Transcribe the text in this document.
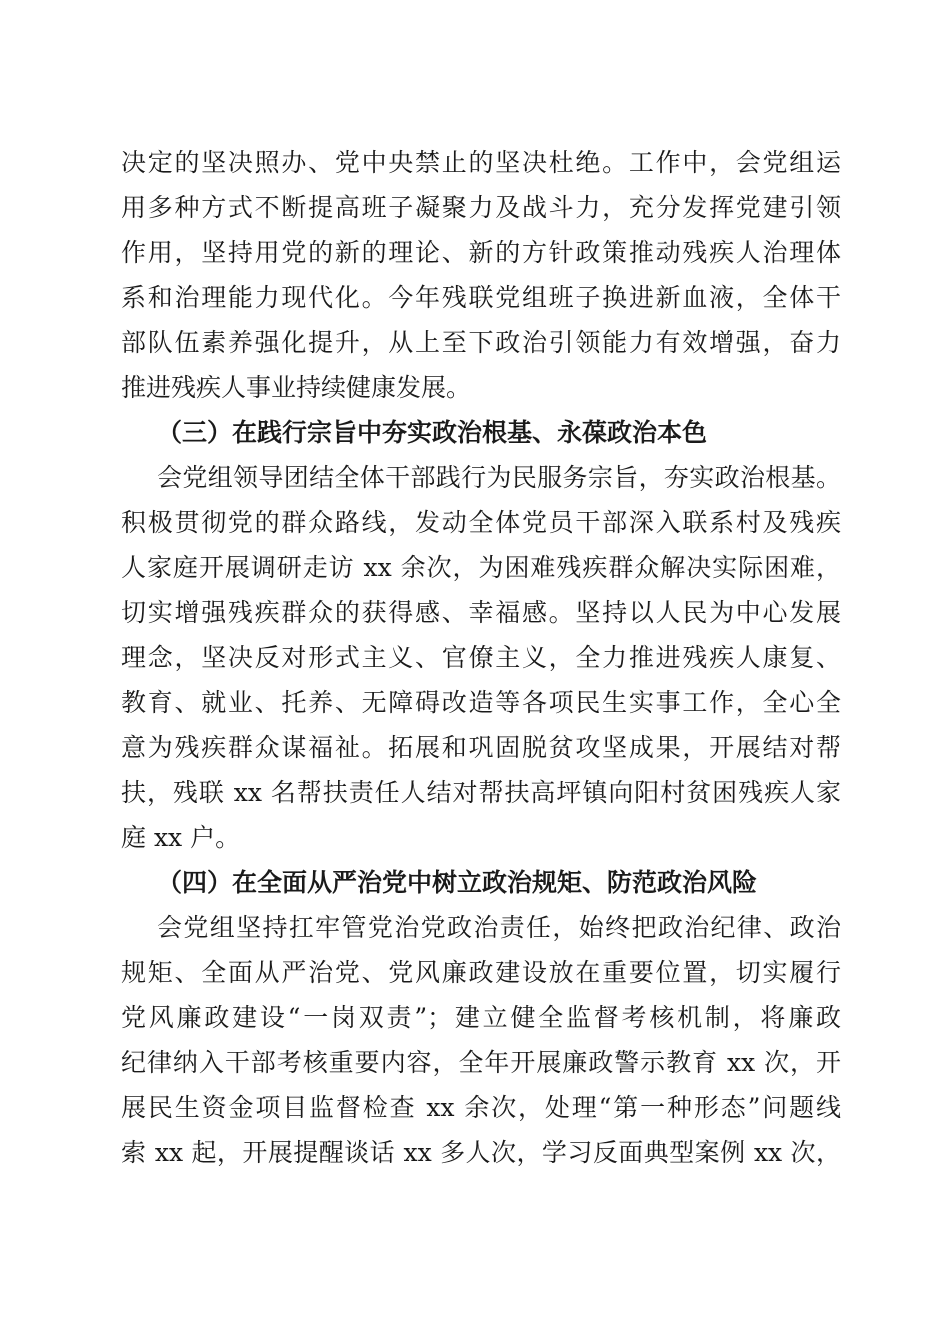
决定的坚决照办、党中央禁止的坚决杜绝。工作中，会党组运
用多种方式不断提高班子凝聚力及战斗力，充分发挥党建引领
作用，坚持用党的新的理论、新的方针政策推动残疾人治理体
系和治理能力现代化。今年残联党组班子换进新血液，全体干
部队伍素养强化提升，从上至下政治引领能力有效增强，奋力
推进残疾人事业持续健康发展。
（三）在践行宗旨中夯实政治根基、永葆政治本色
会党组领导团结全体干部践行为民服务宗旨，夯实政治根基。
积极贯彻党的群众路线，发动全体党员干部深入联系村及残疾
人家庭开展调研走访 xx 余次，为困难残疾群众解决实际困难，
切实增强残疾群众的获得感、幸福感。坚持以人民为中心发展
理念，坚决反对形式主义、官僚主义，全力推进残疾人康复、
教育、就业、托养、无障碍改造等各项民生实事工作，全心全
意为残疾群众谋福祉。拓展和巩固脱贫攻坚成果，开展结对帮
扶，残联 xx 名帮扶责任人结对帮扶高坪镇向阳村贫困残疾人家
庭 xx 户。
（四）在全面从严治党中树立政治规矩、防范政治风险
会党组坚持扛牢管党治党政治责任，始终把政治纪律、政治
规矩、全面从严治党、党风廉政建设放在重要位置，切实履行
党风廉政建设“一岗双责”；建立健全监督考核机制，将廉政
纪律纳入干部考核重要内容，全年开展廉政警示教育 xx 次，开
展民生资金项目监督检查 xx 余次，处理“第一种形态”问题线
索 xx 起，开展提醒谈话 xx 多人次，学习反面典型案例 xx 次，
